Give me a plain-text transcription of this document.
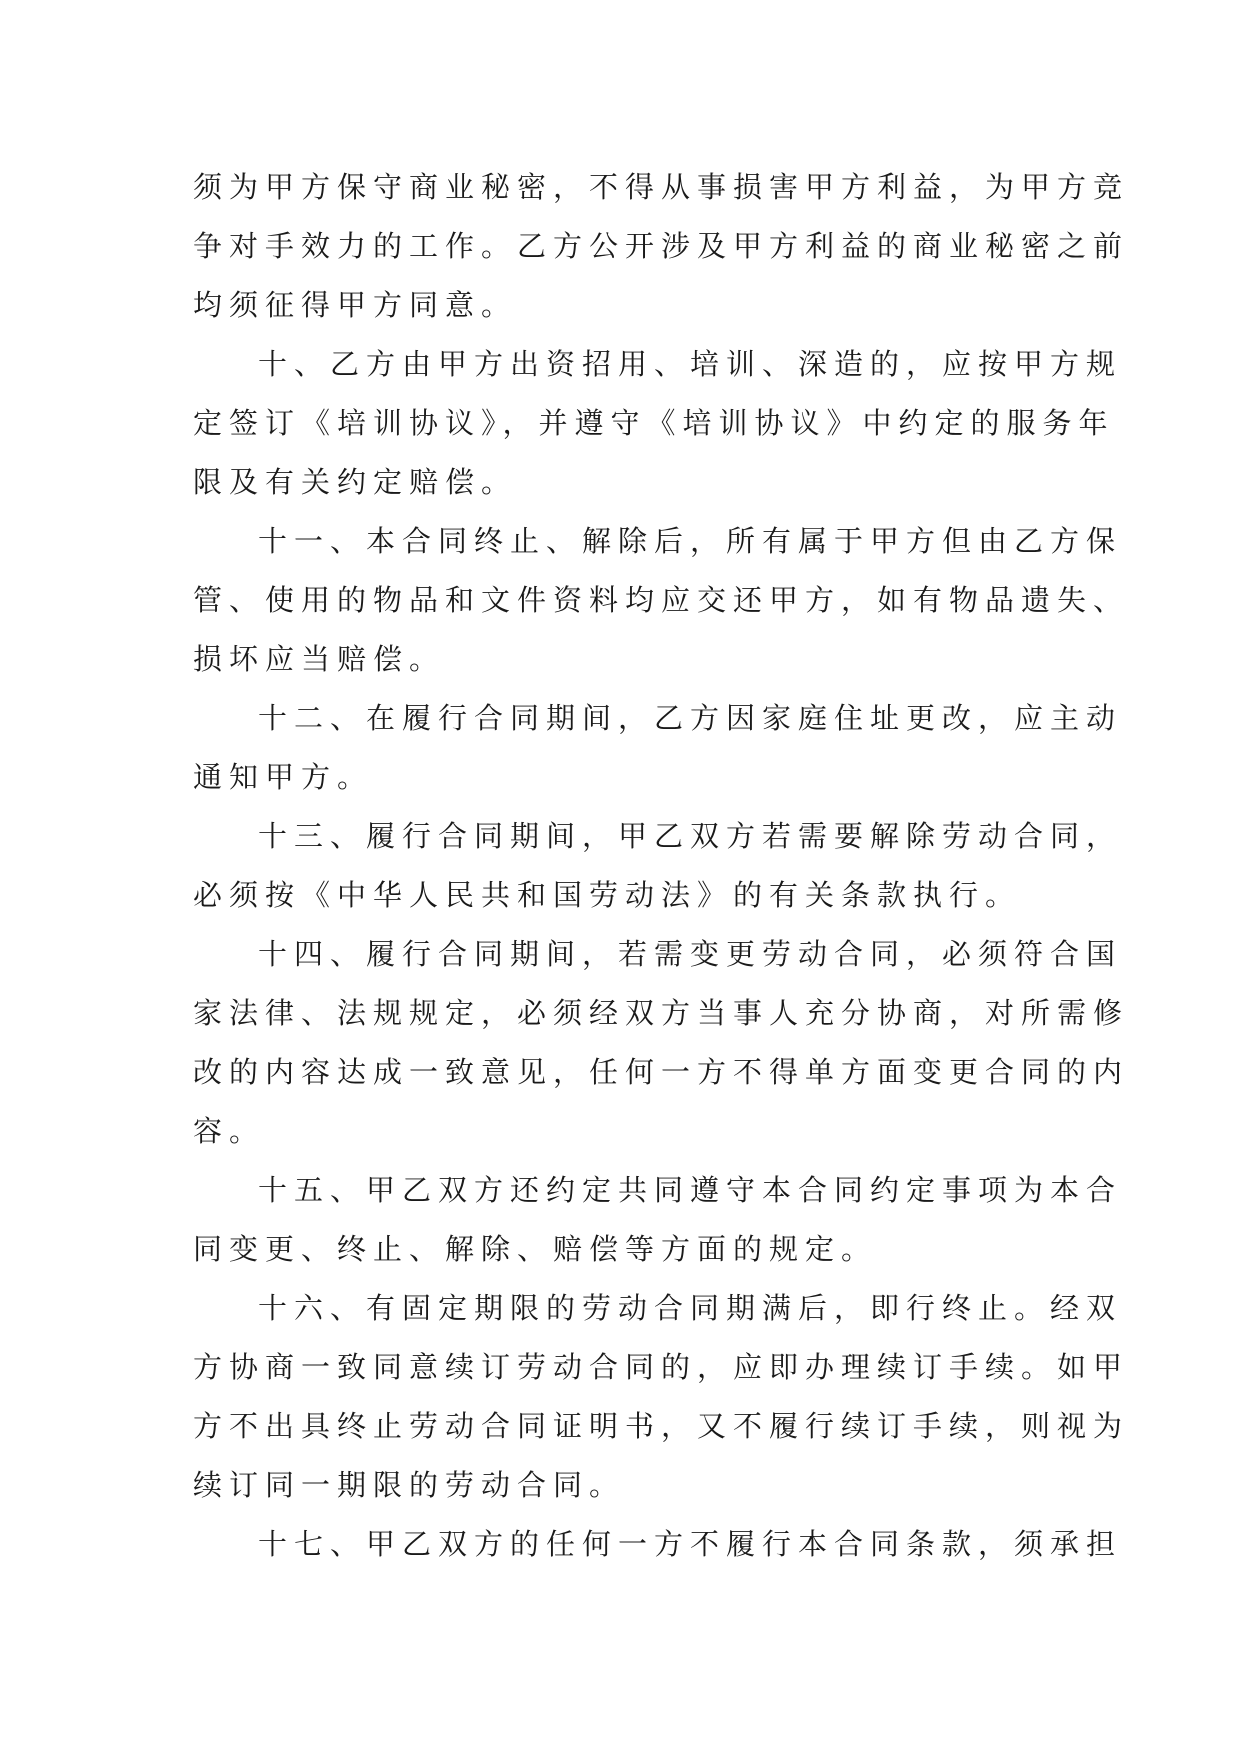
须为甲方保守商业秘密，不得从事损害甲方利益，为甲方竞
争对手效力的工作。乙方公开涉及甲方利益的商业秘密之前
均须征得甲方同意。

十、乙方由甲方出资招用、培训、深造的，应按甲方规
定签订《培训协议》，并遵守《培训协议》中约定的服务年
限及有关约定赔偿。

十一、本合同终止、解除后，所有属于甲方但由乙方保
管、使用的物品和文件资料均应交还甲方，如有物品遗失、
损坏应当赔偿。

十二、在履行合同期间，乙方因家庭住址更改，应主动
通知甲方。

十三、履行合同期间，甲乙双方若需要解除劳动合同，
必须按《中华人民共和国劳动法》的有关条款执行。

十四、履行合同期间，若需变更劳动合同，必须符合国
家法律、法规规定，必须经双方当事人充分协商，对所需修
改的内容达成一致意见，任何一方不得单方面变更合同的内
容。

十五、甲乙双方还约定共同遵守本合同约定事项为本合
同变更、终止、解除、赔偿等方面的规定。

十六、有固定期限的劳动合同期满后，即行终止。经双
方协商一致同意续订劳动合同的，应即办理续订手续。如甲
方不出具终止劳动合同证明书，又不履行续订手续，则视为
续订同一期限的劳动合同。

十七、甲乙双方的任何一方不履行本合同条款，须承担
